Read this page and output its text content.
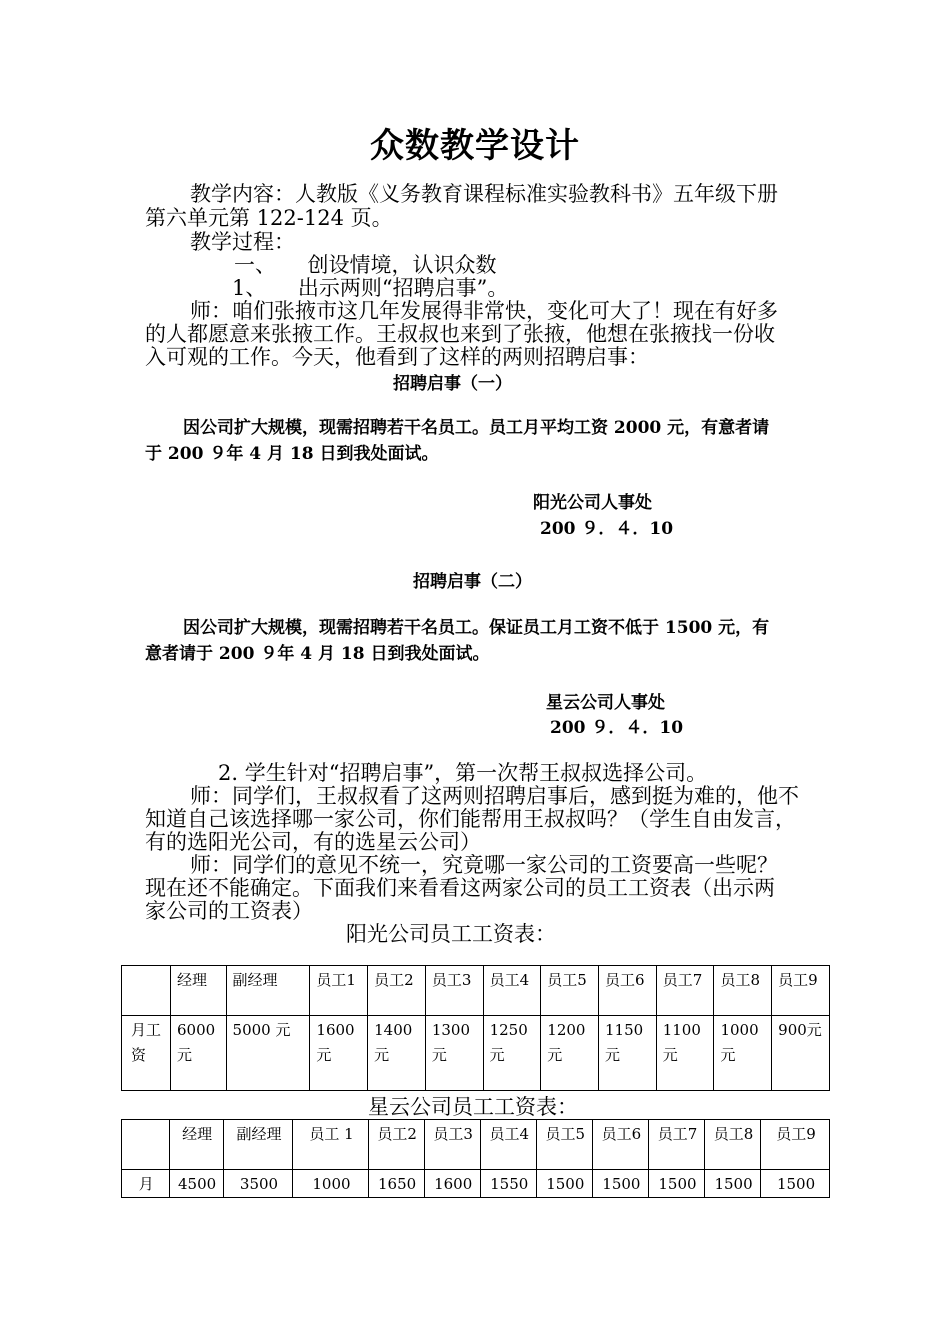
众数教学设计
教学内容：人教版《义务教育课程标准实验教科书》五年级下册
第六单元第 122-124 页。
教学过程：
一、　　创设情境，认识众数
1、　　出示两则“招聘启事”。
师：咱们张掖市这几年发展得非常快，变化可大了！现在有好多
的人都愿意来张掖工作。王叔叔也来到了张掖，他想在张掖找一份收
入可观的工作。今天，他看到了这样的两则招聘启事：
招聘启事（一）
因公司扩大规模，现需招聘若干名员工。员工月平均工资 2000 元，有意者请
于 200 ９年 4 月 18 日到我处面试。
阳光公司人事处
200 ９．４．10
招聘启事（二）
因公司扩大规模，现需招聘若干名员工。保证员工月工资不低于 1500 元，有
意者请于 200 ９年 4 月 18 日到我处面试。
星云公司人事处
200 ９．４．10
2. 学生针对“招聘启事”，第一次帮王叔叔选择公司。
师：同学们，王叔叔看了这两则招聘启事后，感到挺为难的，他不
知道自己该选择哪一家公司，你们能帮用王叔叔吗？（学生自由发言，
有的选阳光公司，有的选星云公司）
师：同学们的意见不统一，究竟哪一家公司的工资要高一些呢？
现在还不能确定。下面我们来看看这两家公司的员工工资表（出示两
家公司的工资表）
阳光公司员工工资表：
	经理	副经理	员工1	员工2	员工3	员工4	员工5	员工6	员工7	员工8	员工9
月工资	6000元	5000 元	1600元	1400元	1300元	1250元	1200元	1150元	1100元	1000元	900元
星云公司员工工资表：
	经理	副经理	员工 1	员工2	员工3	员工4	员工5	员工6	员工7	员工8	员工9
月	4500	3500	1000	1650	1600	1550	1500	1500	1500	1500	1500
